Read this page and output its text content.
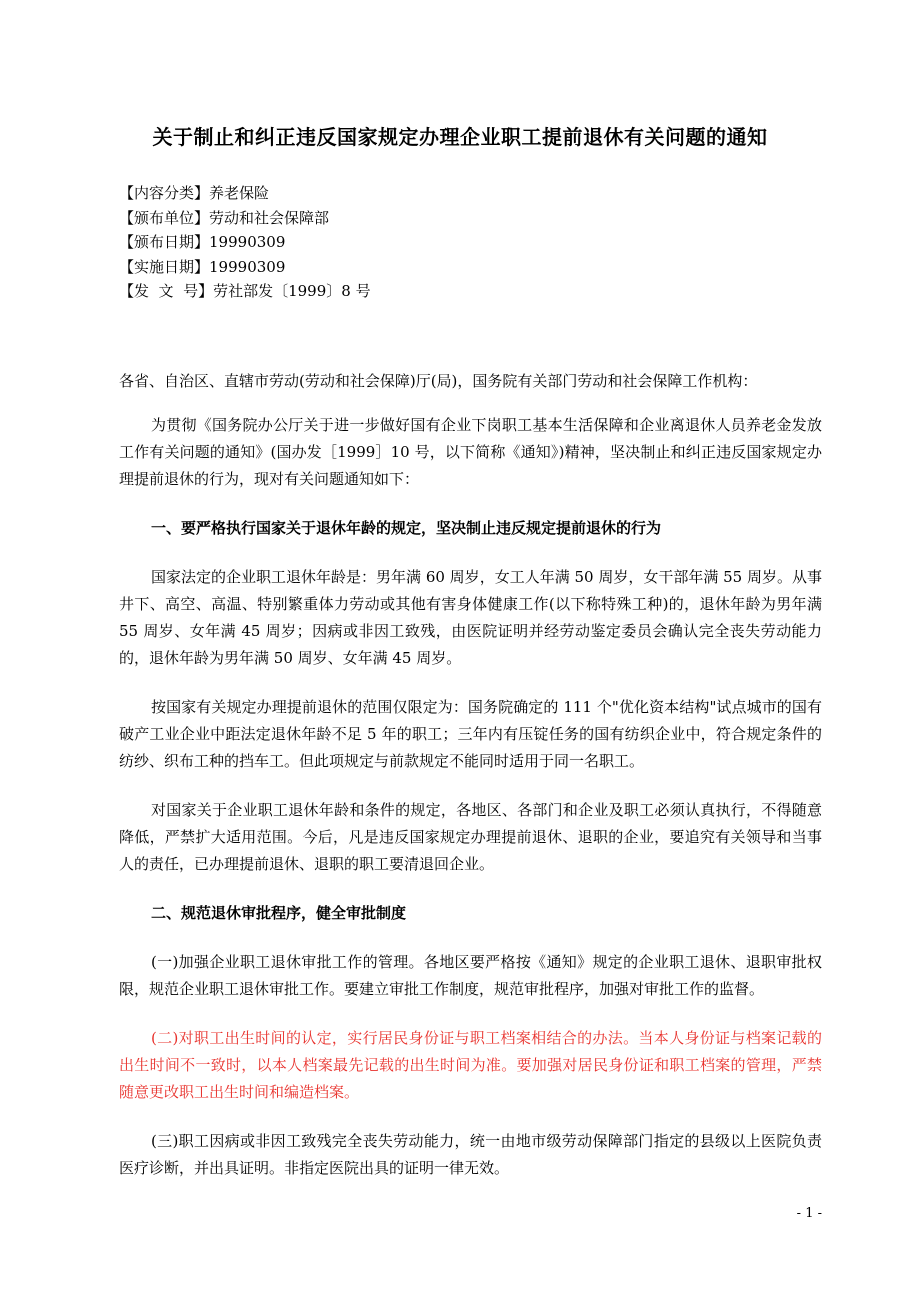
关于制止和纠正违反国家规定办理企业职工提前退休有关问题的通知
【内容分类】养老保险
【颁布单位】劳动和社会保障部
【颁布日期】19990309
【实施日期】19990309
【发  文  号】劳社部发〔1999〕8 号

各省、自治区、直辖市劳动(劳动和社会保障)厅(局)，国务院有关部门劳动和社会保障工作机构：

为贯彻《国务院办公厅关于进一步做好国有企业下岗职工基本生活保障和企业离退休人员养老金发放工作有关问题的通知》(国办发［1999］10 号，以下简称《通知》)精神，坚决制止和纠正违反国家规定办理提前退休的行为，现对有关问题通知如下：

一、要严格执行国家关于退休年龄的规定，坚决制止违反规定提前退休的行为

国家法定的企业职工退休年龄是：男年满 60 周岁，女工人年满 50 周岁，女干部年满 55 周岁。从事井下、高空、高温、特别繁重体力劳动或其他有害身体健康工作(以下称特殊工种)的，退休年龄为男年满 55 周岁、女年满 45 周岁；因病或非因工致残，由医院证明并经劳动鉴定委员会确认完全丧失劳动能力的，退休年龄为男年满 50 周岁、女年满 45 周岁。

按国家有关规定办理提前退休的范围仅限定为：国务院确定的 111 个"优化资本结构"试点城市的国有破产工业企业中距法定退休年龄不足 5 年的职工；三年内有压锭任务的国有纺织企业中，符合规定条件的纺纱、织布工种的挡车工。但此项规定与前款规定不能同时适用于同一名职工。

对国家关于企业职工退休年龄和条件的规定，各地区、各部门和企业及职工必须认真执行，不得随意降低，严禁扩大适用范围。今后，凡是违反国家规定办理提前退休、退职的企业，要追究有关领导和当事人的责任，已办理提前退休、退职的职工要清退回企业。

二、规范退休审批程序，健全审批制度

(一)加强企业职工退休审批工作的管理。各地区要严格按《通知》规定的企业职工退休、退职审批权限，规范企业职工退休审批工作。要建立审批工作制度，规范审批程序，加强对审批工作的监督。

(二)对职工出生时间的认定，实行居民身份证与职工档案相结合的办法。当本人身份证与档案记载的出生时间不一致时，以本人档案最先记载的出生时间为准。要加强对居民身份证和职工档案的管理，严禁随意更改职工出生时间和编造档案。

(三)职工因病或非因工致残完全丧失劳动能力，统一由地市级劳动保障部门指定的县级以上医院负责医疗诊断，并出具证明。非指定医院出具的证明一律无效。

- 1 -
